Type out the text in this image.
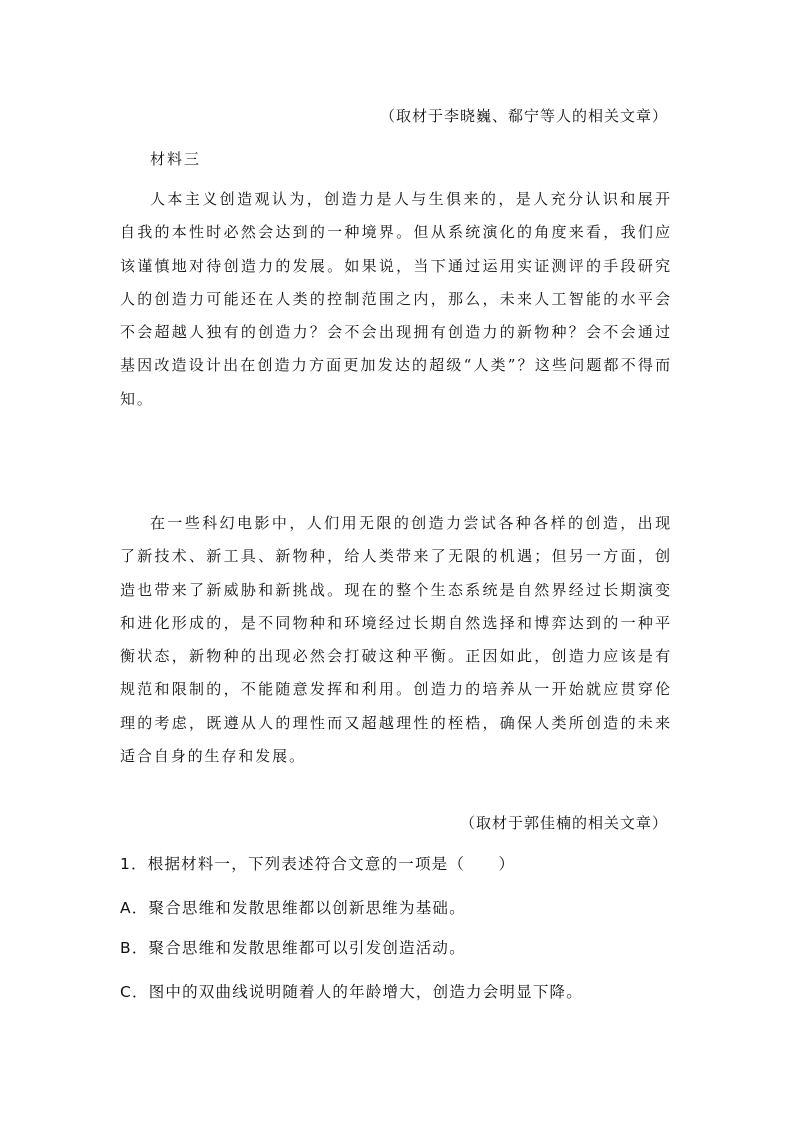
（取材于李晓巍、郗宁等人的相关文章）
材料三

人本主义创造观认为，创造力是人与生俱来的，是人充分认识和展开自我的本性时必然会达到的一种境界。但从系统演化的角度来看，我们应该谨慎地对待创造力的发展。如果说，当下通过运用实证测评的手段研究人的创造力可能还在人类的控制范围之内，那么，未来人工智能的水平会不会超越人独有的创造力？会不会出现拥有创造力的新物种？会不会通过基因改造设计出在创造力方面更加发达的超级“人类”？这些问题都不得而知。

在一些科幻电影中，人们用无限的创造力尝试各种各样的创造，出现了新技术、新工具、新物种，给人类带来了无限的机遇；但另一方面，创造也带来了新威胁和新挑战。现在的整个生态系统是自然界经过长期演变和进化形成的，是不同物种和环境经过长期自然选择和博弈达到的一种平衡状态，新物种的出现必然会打破这种平衡。正因如此，创造力应该是有规范和限制的，不能随意发挥和利用。创造力的培养从一开始就应贯穿伦理的考虑，既遵从人的理性而又超越理性的桎梏，确保人类所创造的未来适合自身的生存和发展。

（取材于郭佳楠的相关文章）
1．根据材料一，下列表述符合文意的一项是（　　）
A．聚合思维和发散思维都以创新思维为基础。
B．聚合思维和发散思维都可以引发创造活动。
C．图中的双曲线说明随着人的年龄增大，创造力会明显下降。
